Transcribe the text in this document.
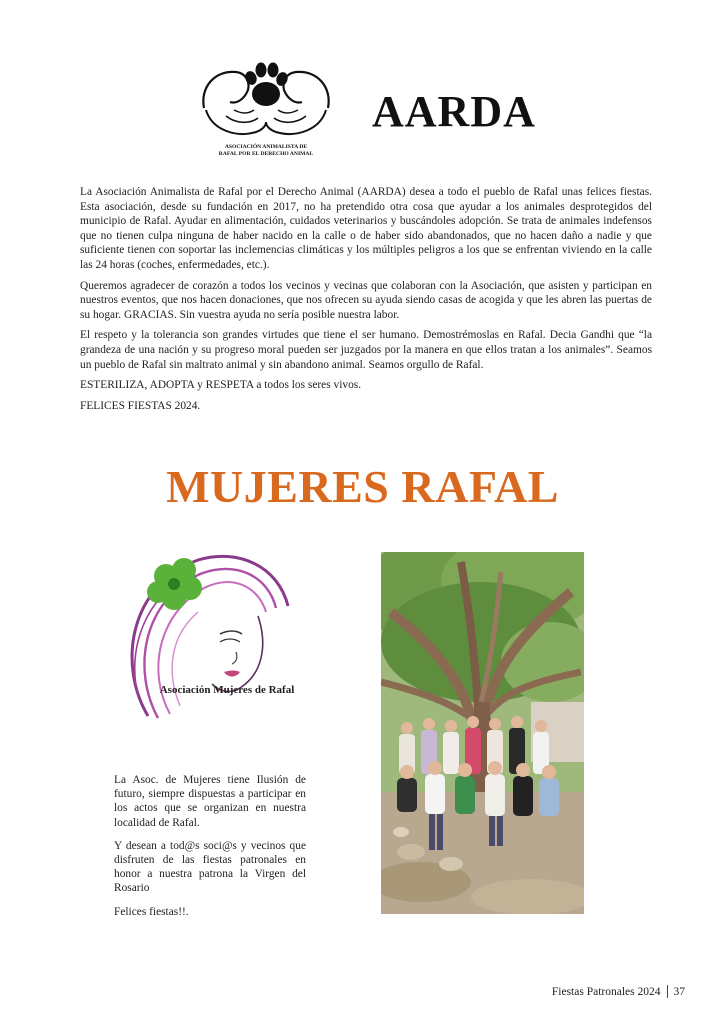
ASOCIACIÓN ANIMALISTA DE
RAFAL POR EL DERECHO ANIMAL
AARDA

La Asociación Animalista de Rafal por el Derecho Animal (AARDA) desea a todo el pueblo de Rafal unas felices fiestas. Esta asociación, desde su fundación en 2017, no ha pretendido otra cosa que ayudar a los animales desprotegidos del municipio de Rafal. Ayudar en alimentación, cuidados veterinarios y buscándoles adopción. Se trata de animales indefensos que no tienen culpa ninguna de haber nacido en la calle o de haber sido abandonados, que no hacen daño a nadie y que suficiente tienen con soportar las inclemencias climáticas y los múltiples peligros a los que se enfrentan viviendo en la calle las 24 horas (coches, enfermedades, etc.).

Queremos agradecer de corazón a todos los vecinos y vecinas que colaboran con la Asociación, que asisten y participan en nuestros eventos, que nos hacen donaciones, que nos ofrecen su ayuda siendo casas de acogida y que les abren las puertas de su hogar. GRACIAS. Sin vuestra ayuda no sería posible nuestra labor.

El respeto y la tolerancia son grandes virtudes que tiene el ser humano. Demostrémoslas en Rafal. Decia Gandhi que “la grandeza de una nación y su progreso moral pueden ser juzgados por la manera en que ellos tratan a los animales”. Seamos un pueblo de Rafal sin maltrato animal y sin abandono animal. Seamos orgullo de Rafal.

ESTERILIZA, ADOPTA y RESPETA a todos los seres vivos.

FELICES FIESTAS 2024.

MUJERES RAFAL
Asociación Mujeres de Rafal

La Asoc. de Mujeres tiene Ilusión de futuro, siempre dispuestas a participar en los actos que se organizan en nuestra localidad de Rafal.

Y desean a tod@s soci@s y vecinos que disfruten de las fiestas patronales en honor a nuestra patrona la Virgen del Rosario

Felices fiestas!!.

Fiestas Patronales 2024 37
